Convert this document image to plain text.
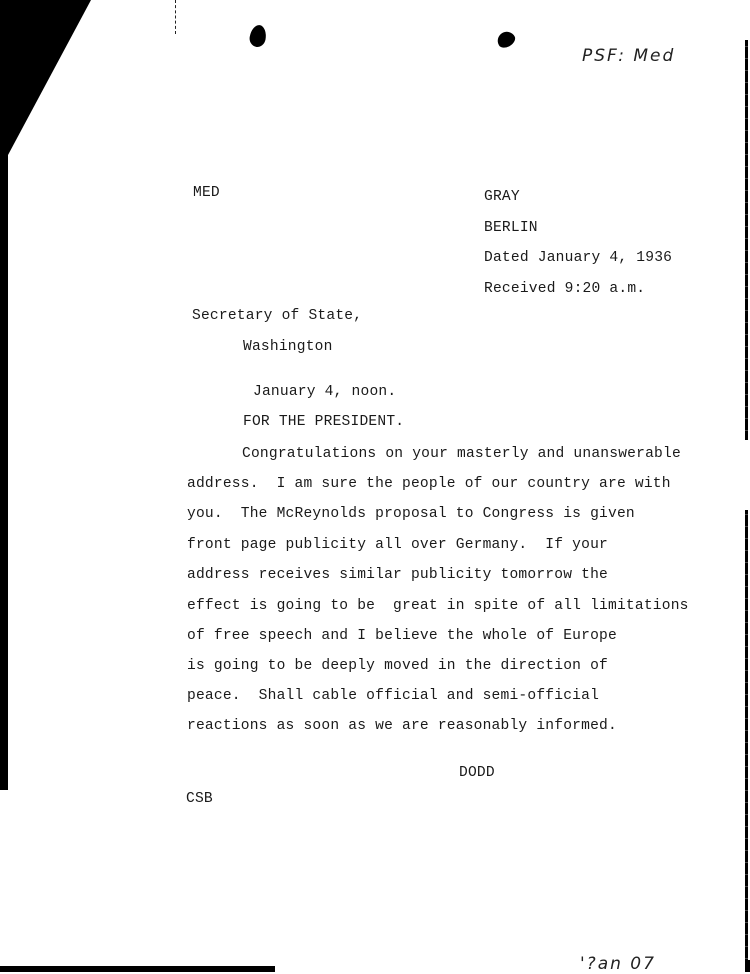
PSF: Med
'?an 07
MED	GRAY
BERLIN
Dated January 4, 1936
Received 9:20 a.m.
Secretary of State,
Washington
January 4, noon.
FOR THE PRESIDENT.
Congratulations on your masterly and unanswerable
address.  I am sure the people of our country are with
you.  The McReynolds proposal to Congress is given
front page publicity all over Germany.  If your
address receives similar publicity tomorrow the
effect is going to be  great in spite of all limitations
of free speech and I believe the whole of Europe
is going to be deeply moved in the direction of
peace.  Shall cable official and semi-official
reactions as soon as we are reasonably informed.
DODD
CSB
